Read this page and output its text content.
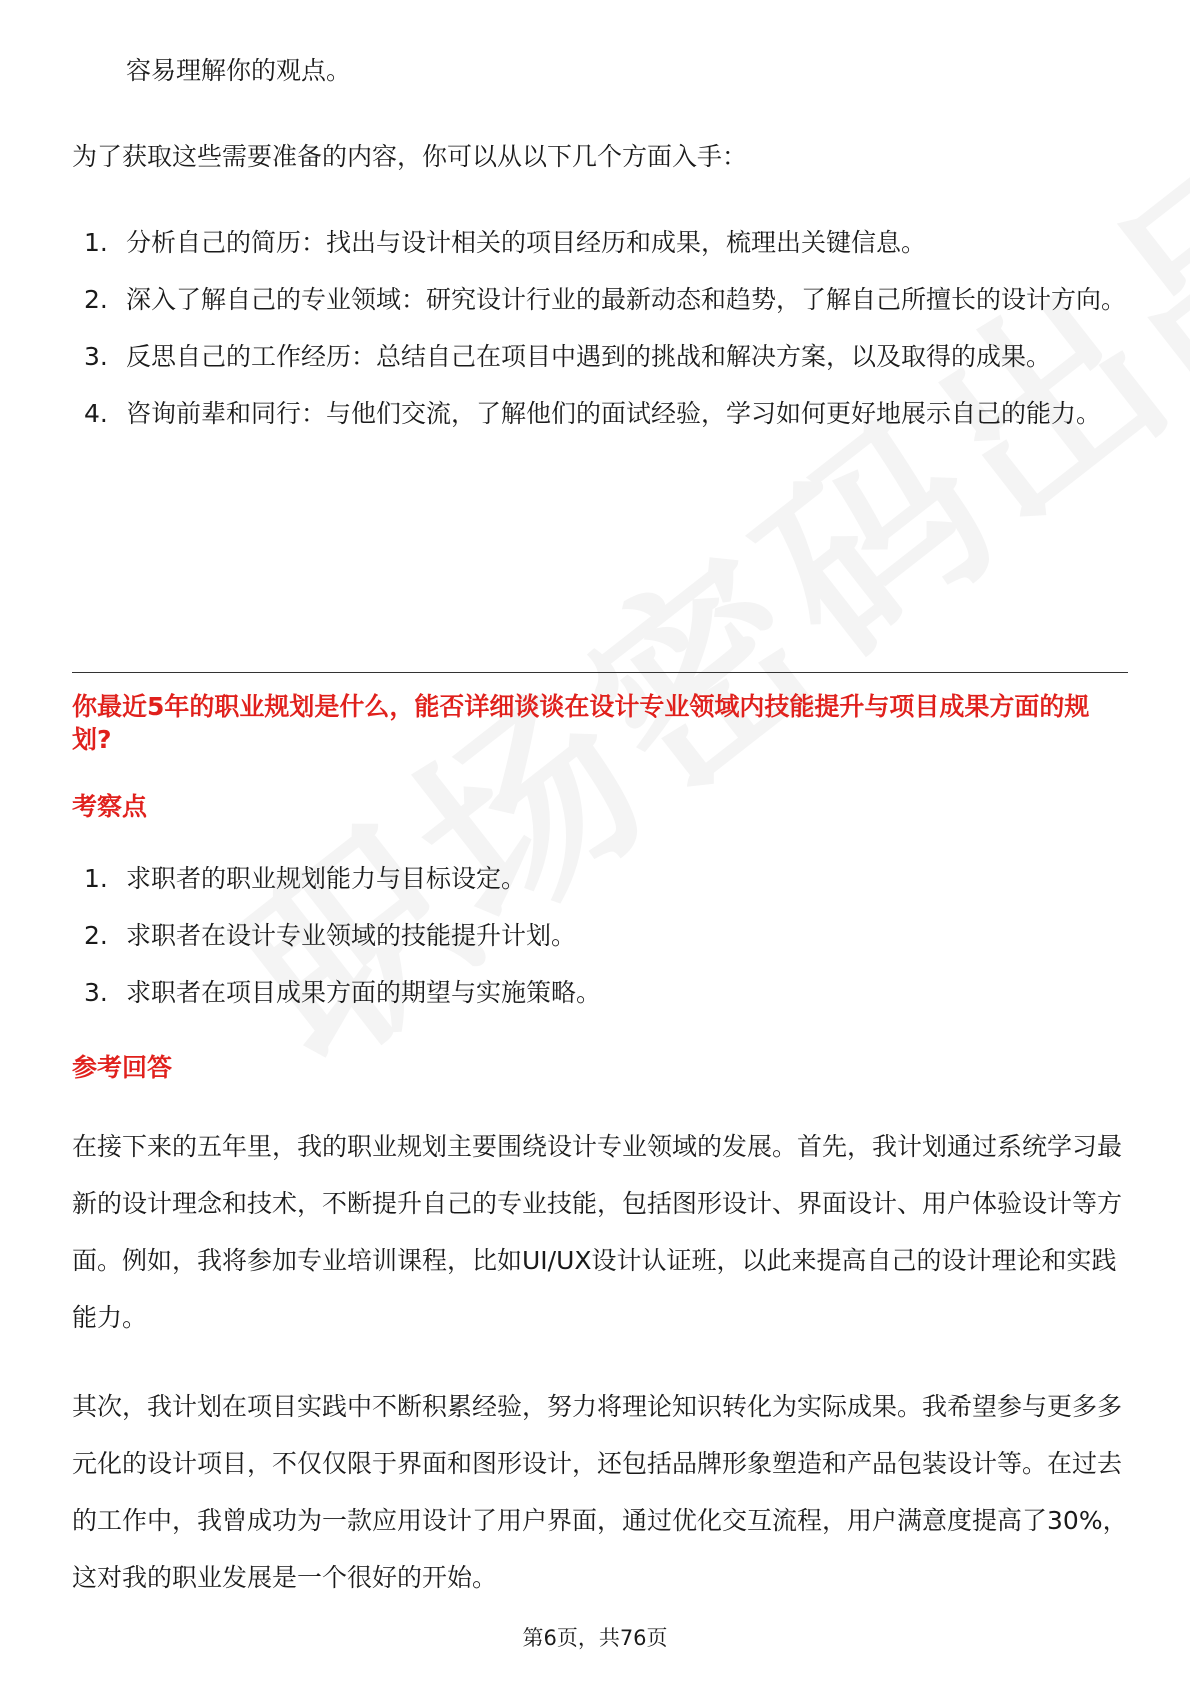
容易理解你的观点。
为了获取这些需要准备的内容，你可以从以下几个方面入手：
1. 分析自己的简历：找出与设计相关的项目经历和成果，梳理出关键信息。
2. 深入了解自己的专业领域：研究设计行业的最新动态和趋势，了解自己所擅长的设计方向。
3. 反思自己的工作经历：总结自己在项目中遇到的挑战和解决方案，以及取得的成果。
4. 咨询前辈和同行：与他们交流，了解他们的面试经验，学习如何更好地展示自己的能力。
你最近5年的职业规划是什么，能否详细谈谈在设计专业领域内技能提升与项目成果方面的规划?
考察点
1. 求职者的职业规划能力与目标设定。
2. 求职者在设计专业领域的技能提升计划。
3. 求职者在项目成果方面的期望与实施策略。
参考回答
在接下来的五年里，我的职业规划主要围绕设计专业领域的发展。首先，我计划通过系统学习最新的设计理念和技术，不断提升自己的专业技能，包括图形设计、界面设计、用户体验设计等方面。例如，我将参加专业培训课程，比如UI/UX设计认证班，以此来提高自己的设计理论和实践能力。
其次，我计划在项目实践中不断积累经验，努力将理论知识转化为实际成果。我希望参与更多多元化的设计项目，不仅仅限于界面和图形设计，还包括品牌形象塑造和产品包装设计等。在过去的工作中，我曾成功为一款应用设计了用户界面，通过优化交互流程，用户满意度提高了30%，这对我的职业发展是一个很好的开始。
第6页，共76页
